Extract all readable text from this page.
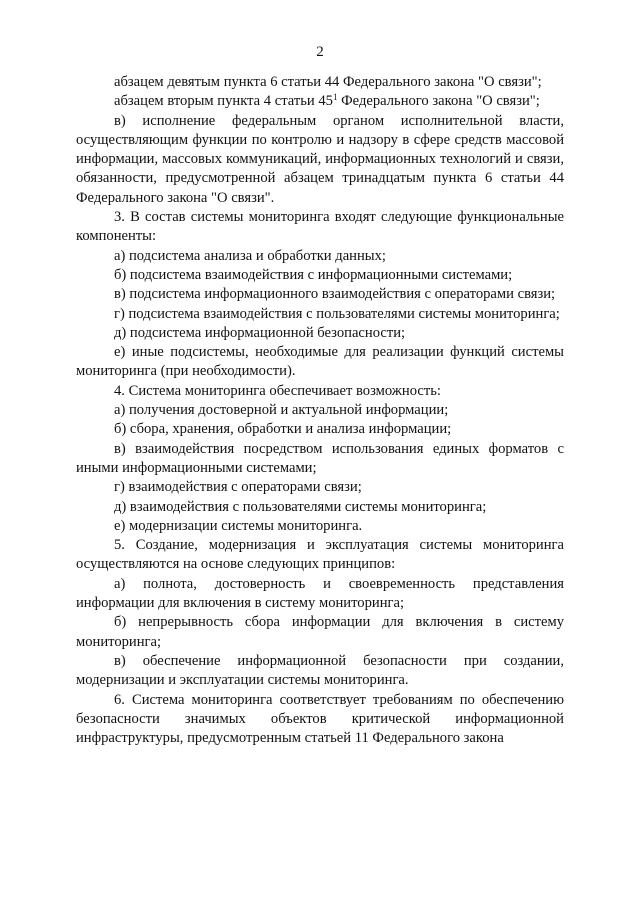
2

абзацем девятым пункта 6 статьи 44 Федерального закона "О связи";

абзацем вторым пункта 4 статьи $45^1$ Федерального закона "О связи";

в) исполнение федеральным органом исполнительной власти, осуществляющим функции по контролю и надзору в сфере средств массовой информации, массовых коммуникаций, информационных технологий и связи, обязанности, предусмотренной абзацем тринадцатым пункта 6 статьи 44 Федерального закона "О связи".

3. В состав системы мониторинга входят следующие функциональные компоненты:

а) подсистема анализа и обработки данных;

б) подсистема взаимодействия с информационными системами;

в) подсистема информационного взаимодействия с операторами связи;

г) подсистема взаимодействия с пользователями системы мониторинга;

д) подсистема информационной безопасности;

е) иные подсистемы, необходимые для реализации функций системы мониторинга (при необходимости).

4. Система мониторинга обеспечивает возможность:

а) получения достоверной и актуальной информации;

б) сбора, хранения, обработки и анализа информации;

в) взаимодействия посредством использования единых форматов с иными информационными системами;

г) взаимодействия с операторами связи;

д) взаимодействия с пользователями системы мониторинга;

е) модернизации системы мониторинга.

5. Создание, модернизация и эксплуатация системы мониторинга осуществляются на основе следующих принципов:

а) полнота, достоверность и своевременность представления информации для включения в систему мониторинга;

б) непрерывность сбора информации для включения в систему мониторинга;

в) обеспечение информационной безопасности при создании, модернизации и эксплуатации системы мониторинга.

6. Система мониторинга соответствует требованиям по обеспечению безопасности значимых объектов критической информационной инфраструктуры, предусмотренным статьей 11 Федерального закона
